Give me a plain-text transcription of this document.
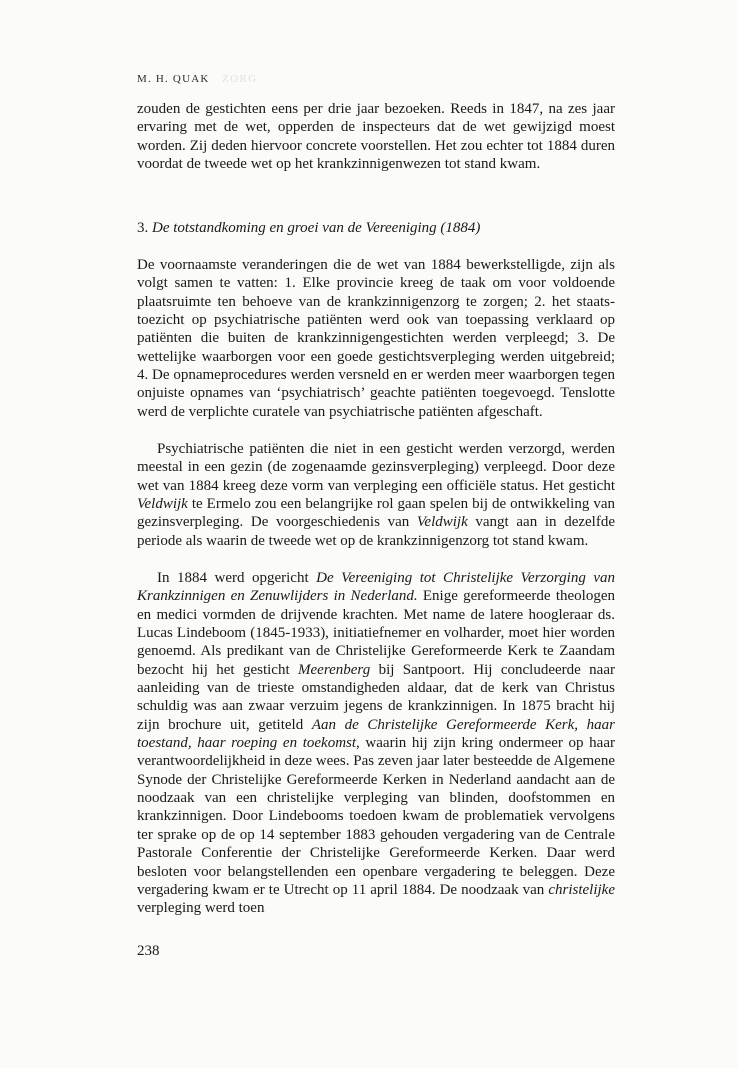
M. H. QUAK ZORG

zouden de gestichten eens per drie jaar bezoeken. Reeds in 1847, na zes jaar ervaring met de wet, opperden de inspecteurs dat de wet gewijzigd moest worden. Zij deden hiervoor concrete voorstellen. Het zou echter tot 1884 duren voordat de tweede wet op het krankzinnigenwezen tot stand kwam.

3. De totstandkoming en groei van de Vereeniging (1884)

De voornaamste veranderingen die de wet van 1884 bewerkstelligde, zijn als volgt samen te vatten: 1. Elke provincie kreeg de taak om voor voldoende plaatsruimte ten behoeve van de krankzinnigenzorg te zorgen; 2. het staatstoezicht op psychiatrische patiënten werd ook van toepassing verklaard op patiënten die buiten de krankzinnigengestichten werden verpleegd; 3. De wettelijke waarborgen voor een goede gestichtsverpleging werden uitgebreid; 4. De opnameprocedures werden versneld en er werden meer waarborgen tegen onjuiste opnames van ‘psychiatrisch’ geachte patiënten toegevoegd. Tenslotte werd de verplichte curatele van psychiatrische patiënten afgeschaft.

Psychiatrische patiënten die niet in een gesticht werden verzorgd, werden meestal in een gezin (de zogenaamde gezinsverpleging) verpleegd. Door deze wet van 1884 kreeg deze vorm van verpleging een officiële status. Het gesticht Veldwijk te Ermelo zou een belangrijke rol gaan spelen bij de ontwikkeling van gezinsverpleging. De voorgeschiedenis van Veldwijk vangt aan in dezelfde periode als waarin de tweede wet op de krankzinnigenzorg tot stand kwam.

In 1884 werd opgericht De Vereeniging tot Christelijke Verzorging van Krankzinnigen en Zenuwlijders in Nederland. Enige gereformeerde theologen en medici vormden de drijvende krachten. Met name de latere hoogleraar ds. Lucas Lindeboom (1845-1933), initiatiefnemer en volharder, moet hier worden genoemd. Als predikant van de Christelijke Gereformeerde Kerk te Zaandam bezocht hij het gesticht Meerenberg bij Santpoort. Hij concludeerde naar aanleiding van de trieste omstandigheden aldaar, dat de kerk van Christus schuldig was aan zwaar verzuim jegens de krankzinnigen. In 1875 bracht hij zijn brochure uit, getiteld Aan de Christelijke Gereformeerde Kerk, haar toestand, haar roeping en toekomst, waarin hij zijn kring ondermeer op haar verantwoordelijkheid in deze wees. Pas zeven jaar later besteedde de Algemene Synode der Christelijke Gereformeerde Kerken in Nederland aandacht aan de noodzaak van een christelijke verpleging van blinden, doofstommen en krankzinnigen. Door Lindebooms toedoen kwam de problematiek vervolgens ter sprake op de op 14 september 1883 gehouden vergadering van de Centrale Pastorale Conferentie der Christelijke Gereformeerde Kerken. Daar werd besloten voor belangstellenden een openbare vergadering te beleggen. Deze vergadering kwam er te Utrecht op 11 april 1884. De noodzaak van christelijke verpleging werd toen

238
